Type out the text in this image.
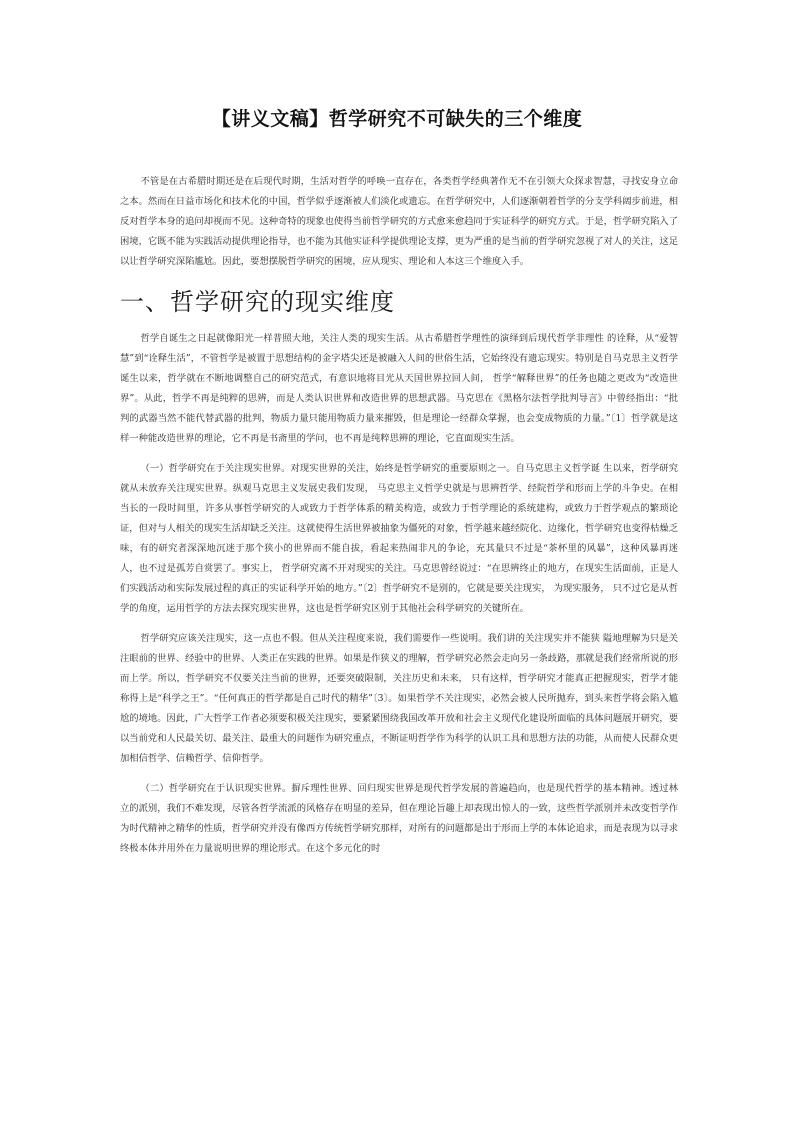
【讲义文稿】哲学研究不可缺失的三个维度

不管是在古希腊时期还是在后现代时期，生活对哲学的呼唤一直存在，各类哲学经典著作无不在引领大众探求智慧，寻找安身立命之本。然而在日益市场化和技术化的中国，哲学似乎逐渐被人们淡化或遗忘。在哲学研究中，人们逐渐朝着哲学的分支学科阔步前进，相反对哲学本身的追问却视而不见。这种奇特的现象也使得当前哲学研究的方式愈来愈趋同于实证科学的研究方式。于是，哲学研究陷入了困境，它既不能为实践活动提供理论指导，也不能为其他实证科学提供理论支撑，更为严重的是当前的哲学研究忽视了对人的关注，这足以让哲学研究深陷尴尬。因此，要想摆脱哲学研究的困境，应从现实、理论和人本这三个维度入手。

一、哲学研究的现实维度

哲学自诞生之日起就像阳光一样普照大地，关注人类的现实生活。从古希腊哲学理性的演绎到后现代哲学非理性 的诠释，从“爱智慧”到“诠释生活”，不管哲学是被置于思想结构的金字塔尖还是被融入人间的世俗生活，它始终没有遗忘现实。特别是自马克思主义哲学诞生以来，哲学就在不断地调整自己的研究范式，有意识地将目光从天国世界拉回人间， 哲学“解释世界”的任务也随之更改为“改造世界”。从此，哲学不再是纯粹的思辨，而是人类认识世界和改造世界的思想武器。马克思在《黑格尔法哲学批判导言》中曾经指出：“批判的武器当然不能代替武器的批判，物质力量只能用物质力量来摧毁，但是理论一经群众掌握，也会变成物质的力量。”〔1〕哲学就是这样一种能改造世界的理论，它不再是书斋里的学问，也不再是纯粹思辨的理论，它直面现实生活。

（一）哲学研究在于关注现实世界。对现实世界的关注，始终是哲学研究的重要原则之一。自马克思主义哲学诞 生以来，哲学研究就从未放弃关注现实世界。纵观马克思主义发展史我们发现， 马克思主义哲学史就是与思辨哲学、经院哲学和形而上学的斗争史。在相当长的一段时间里，许多从事哲学研究的人或致力于哲学体系的精美构造，或致力于哲学理论的系统建构，或致力于哲学观点的繁琐论证，但对与人相关的现实生活却缺乏关注。这就使得生活世界被抽象为僵死的对象，哲学越来越经院化、边缘化，哲学研究也变得枯燥乏味，有的研究者深深地沉迷于那个狭小的世界而不能自拔，看起来热闹非凡的争论，充其量只不过是“茶杯里的风暴”，这种风暴再迷人，也不过是孤芳自赏罢了。事实上， 哲学研究离不开对现实的关注。马克思曾经说过：“在思辨终止的地方，在现实生活面前，正是人们实践活动和实际发展过程的真正的实证科学开始的地方。”〔2〕哲学研究不是别的，它就是要关注现实， 为现实服务， 只不过它是从哲学的角度，运用哲学的方法去探究现实世界，这也是哲学研究区别于其他社会科学研究的关键所在。

哲学研究应该关注现实，这一点也不假。但从关注程度来说，我们需要作一些说明。我们讲的关注现实并不能狭 隘地理解为只是关注眼前的世界、经验中的世界、人类正在实践的世界。如果是作狭义的理解，哲学研究必然会走向另一条歧路，那就是我们经常所说的形而上学。所以，哲学研究不仅要关注当前的世界，还要突破限制，关注历史和未来， 只有这样，哲学研究才能真正把握现实，哲学才能称得上是“科学之王”。“任何真正的哲学都是自己时代的精华”〔3〕。如果哲学不关注现实，必然会被人民所抛弃，到头来哲学将会陷入尴尬的境地。因此，广大哲学工作者必须要积极关注现实，要紧紧围绕我国改革开放和社会主义现代化建设所面临的具体问题展开研究，要以当前党和人民最关切、最关注、最重大的问题作为研究重点，不断证明哲学作为科学的认识工具和思想方法的功能，从而使人民群众更加相信哲学、信赖哲学、信仰哲学。

（二）哲学研究在于认识现实世界。摒斥理性世界、回归现实世界是现代哲学发展的普遍趋向，也是现代哲学的基本精神。透过林立的派别，我们不难发现，尽管各哲学流派的风格存在明显的差异，但在理论旨趣上却表现出惊人的一致，这些哲学派别并未改变哲学作为时代精神之精华的性质，哲学研究并没有像西方传统哲学研究那样，对所有的问题都是出于形而上学的本体论追求，而是表现为以寻求终极本体并用外在力量说明世界的理论形式。在这个多元化的时
